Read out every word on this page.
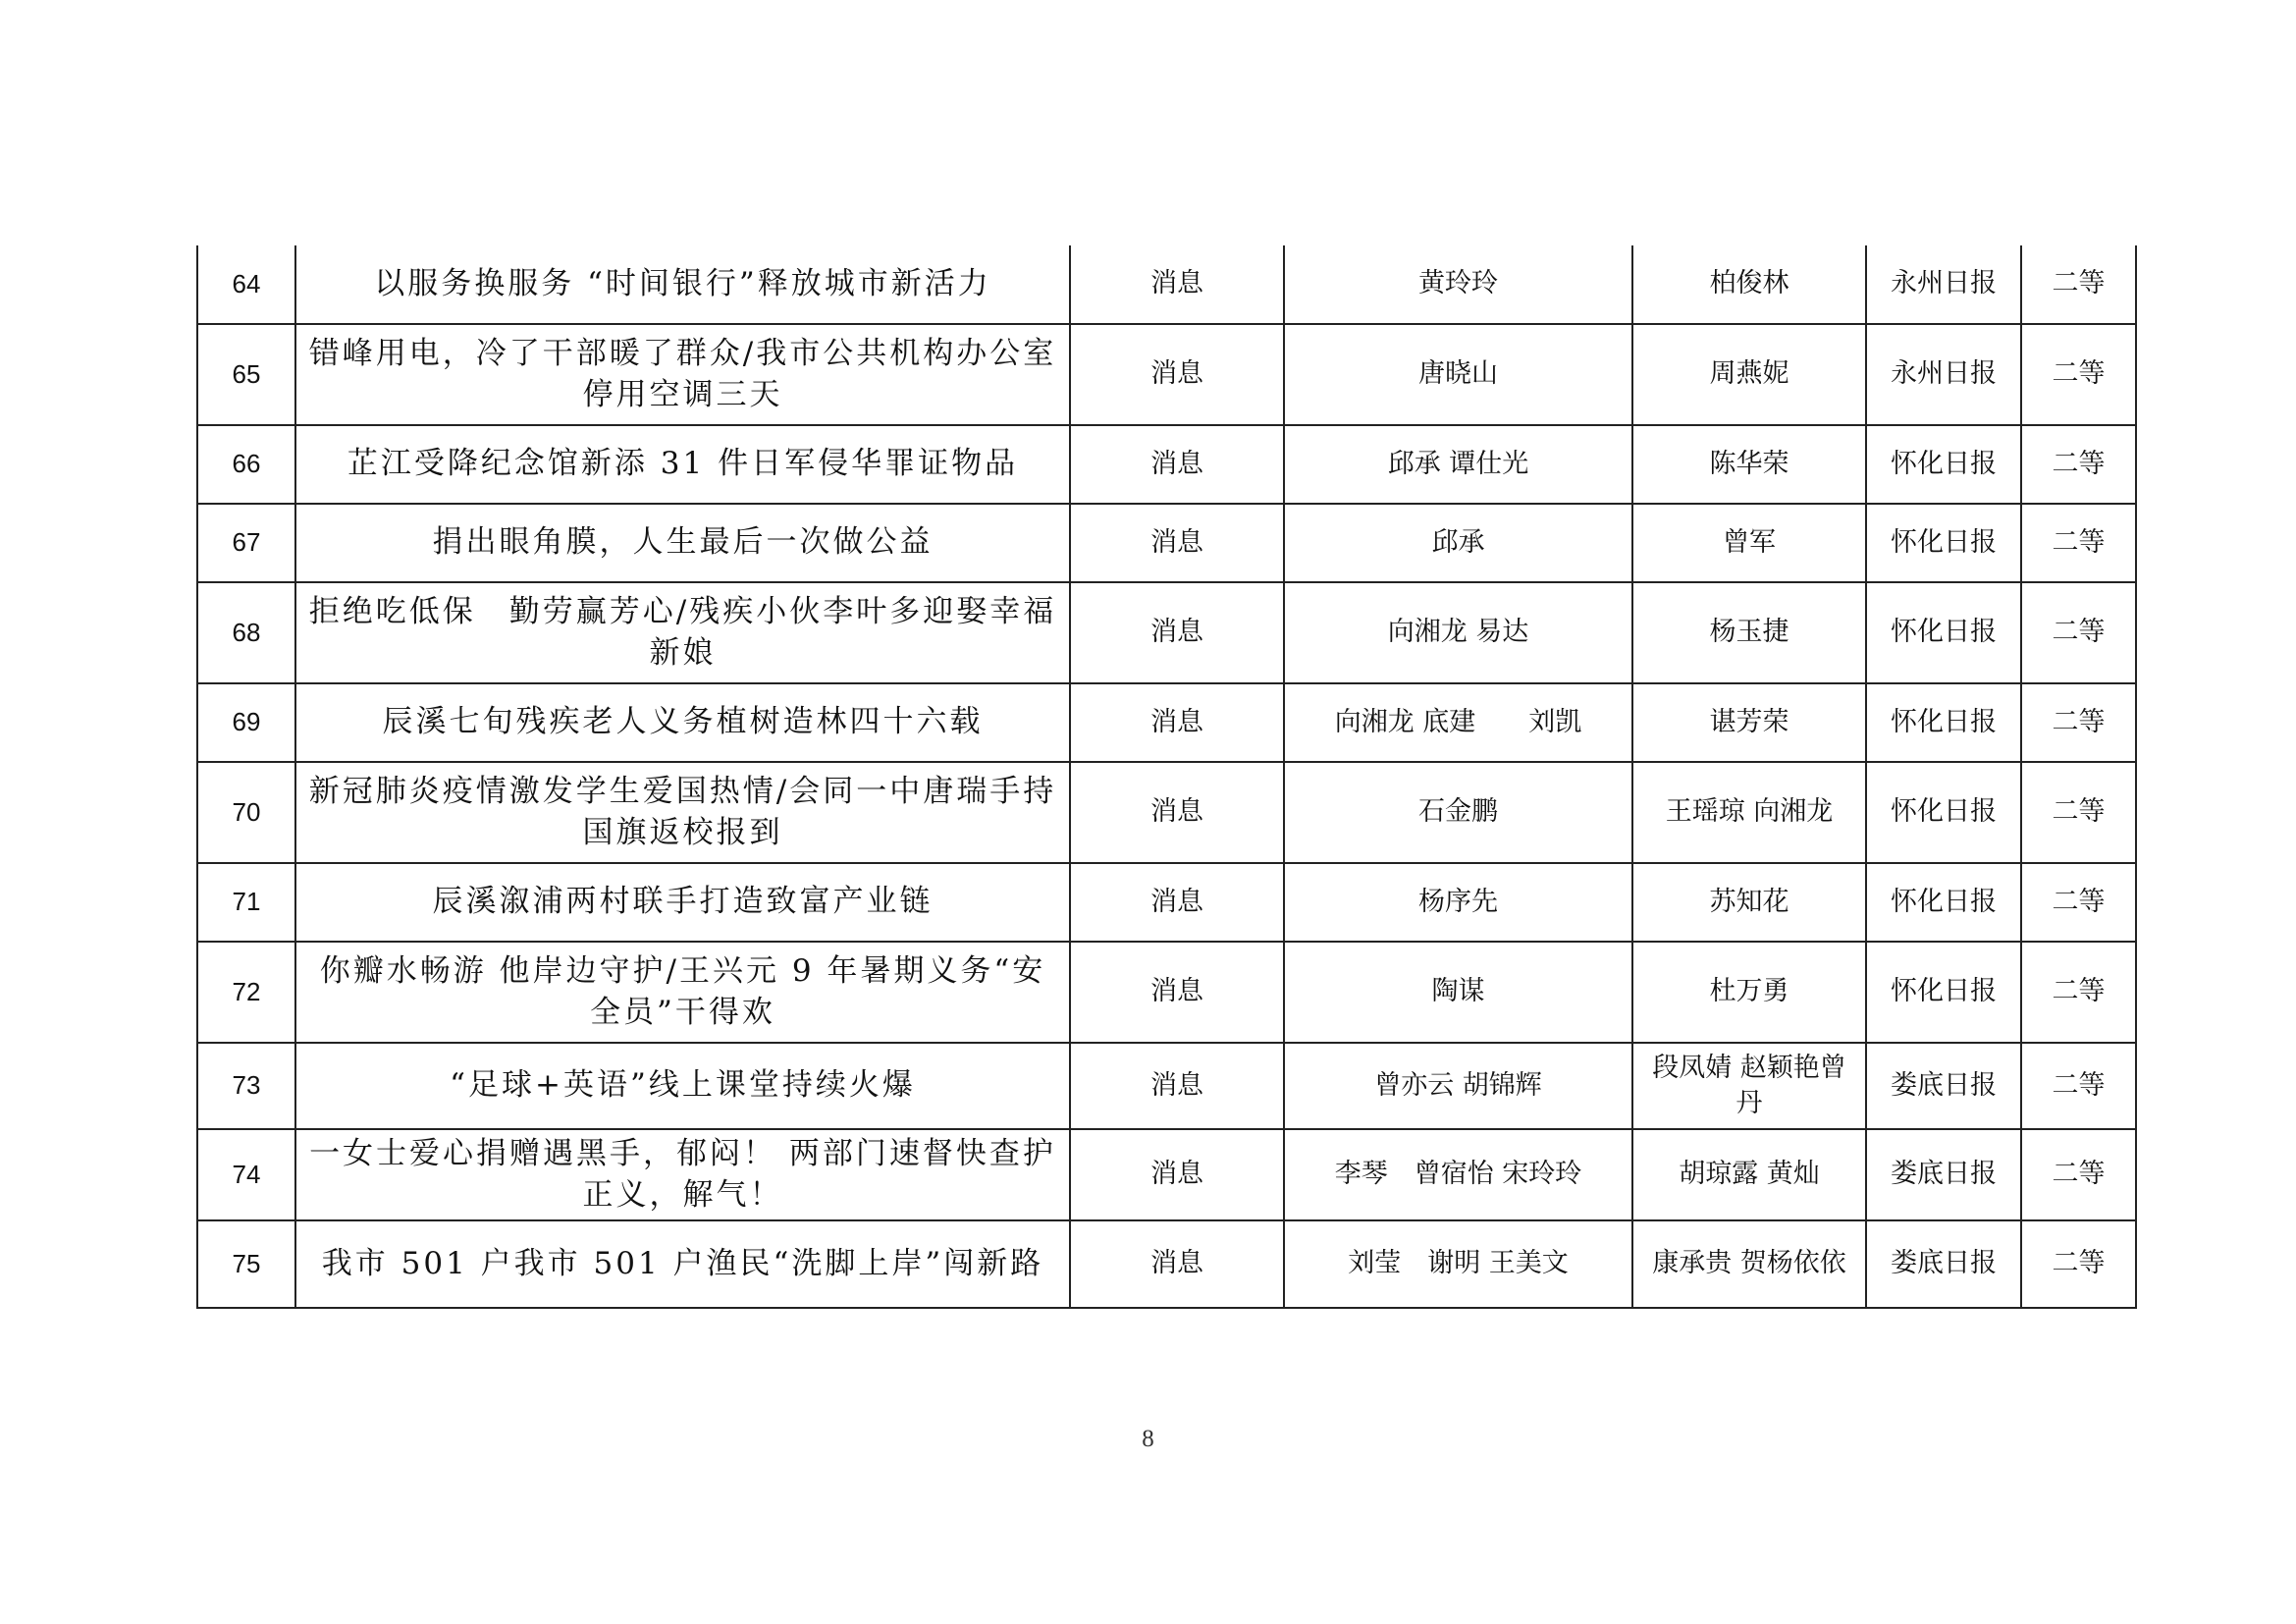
64	以服务换服务 “时间银行”释放城市新活力	消息	黄玲玲	柏俊林	永州日报	二等
65	错峰用电，冷了干部暖了群众/我市公共机构办公室停用空调三天	消息	唐晓山	周燕妮	永州日报	二等
66	芷江受降纪念馆新添 31 件日军侵华罪证物品	消息	邱承 谭仕光	陈华荣	怀化日报	二等
67	捐出眼角膜，人生最后一次做公益	消息	邱承	曾军	怀化日报	二等
68	拒绝吃低保　勤劳赢芳心/残疾小伙李叶多迎娶幸福新娘	消息	向湘龙 易达	杨玉捷	怀化日报	二等
69	辰溪七旬残疾老人义务植树造林四十六载	消息	向湘龙 底建　　刘凯	谌芳荣	怀化日报	二等
70	新冠肺炎疫情激发学生爱国热情/会同一中唐瑞手持国旗返校报到	消息	石金鹏	王瑶琼 向湘龙	怀化日报	二等
71	辰溪溆浦两村联手打造致富产业链	消息	杨序先	苏知花	怀化日报	二等
72	你瓣水畅游 他岸边守护/王兴元 9 年暑期义务“安全员”干得欢	消息	陶谋	杜万勇	怀化日报	二等
73	“足球+英语”线上课堂持续火爆	消息	曾亦云 胡锦辉	段凤婧 赵颖艳曾丹	娄底日报	二等
74	一女士爱心捐赠遇黑手，郁闷！ 两部门速督快查护正义，解气！	消息	李琴　曾宿怡 宋玲玲	胡琼露 黄灿	娄底日报	二等
75	我市 501 户我市 501 户渔民“洗脚上岸”闯新路	消息	刘莹　谢明 王美文	康承贵 贺杨依依	娄底日报	二等
8
